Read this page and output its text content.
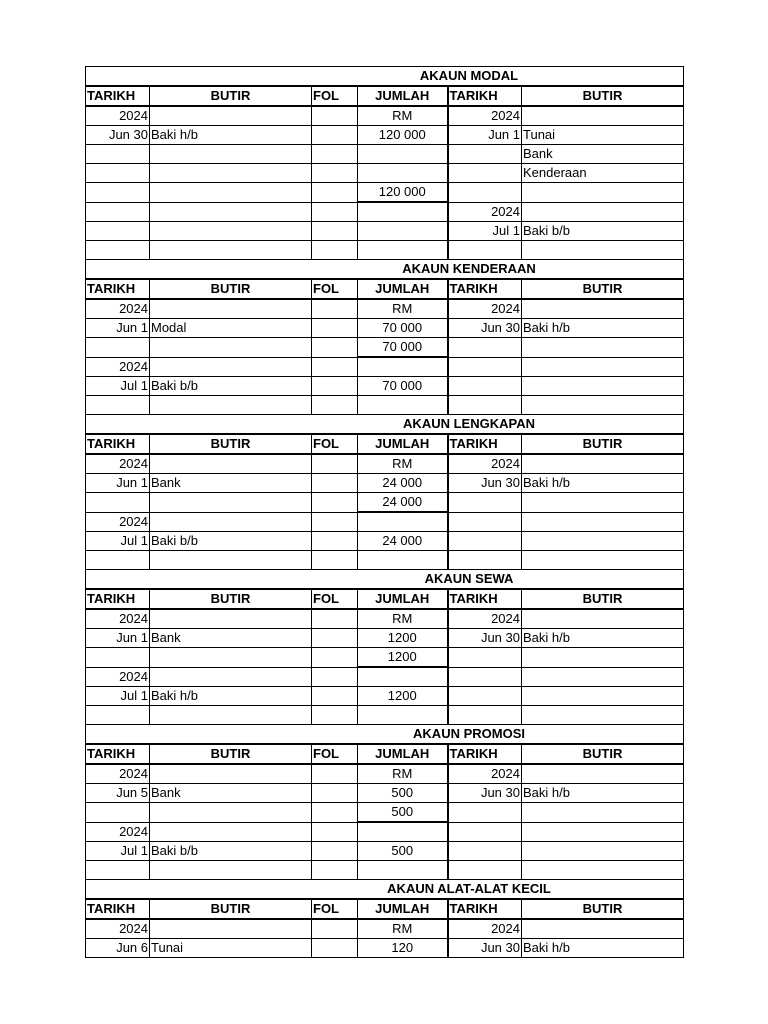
AKAUN MODAL					
TARIKH	BUTIR	FOL	JUMLAH	TARIKH	BUTIR
2024			RM	2024	
Jun 30	Baki h/b		120 000	Jun 1	Tunai
					Bank
					Kenderaan
			120 000		
				2024	
				Jul 1	Baki b/b

AKAUN KENDERAAN					
TARIKH	BUTIR	FOL	JUMLAH	TARIKH	BUTIR
2024			RM	2024	
Jun 1	Modal		70 000	Jun 30	Baki h/b
			70 000		
2024					
Jul 1	Baki b/b		70 000		

AKAUN LENGKAPAN					
TARIKH	BUTIR	FOL	JUMLAH	TARIKH	BUTIR
2024			RM	2024	
Jun 1	Bank		24 000	Jun 30	Baki h/b
			24 000		
2024					
Jul 1	Baki b/b		24 000		

AKAUN SEWA					
TARIKH	BUTIR	FOL	JUMLAH	TARIKH	BUTIR
2024			RM	2024	
Jun 1	Bank		1200	Jun 30	Baki h/b
			1200		
2024					
Jul 1	Baki h/b		1200		

AKAUN PROMOSI					
TARIKH	BUTIR	FOL	JUMLAH	TARIKH	BUTIR
2024			RM	2024	
Jun 5	Bank		500	Jun 30	Baki h/b
			500		
2024					
Jul 1	Baki b/b		500		

AKAUN ALAT-ALAT KECIL					
TARIKH	BUTIR	FOL	JUMLAH	TARIKH	BUTIR
2024			RM	2024	
Jun 6	Tunai		120	Jun 30	Baki h/b
